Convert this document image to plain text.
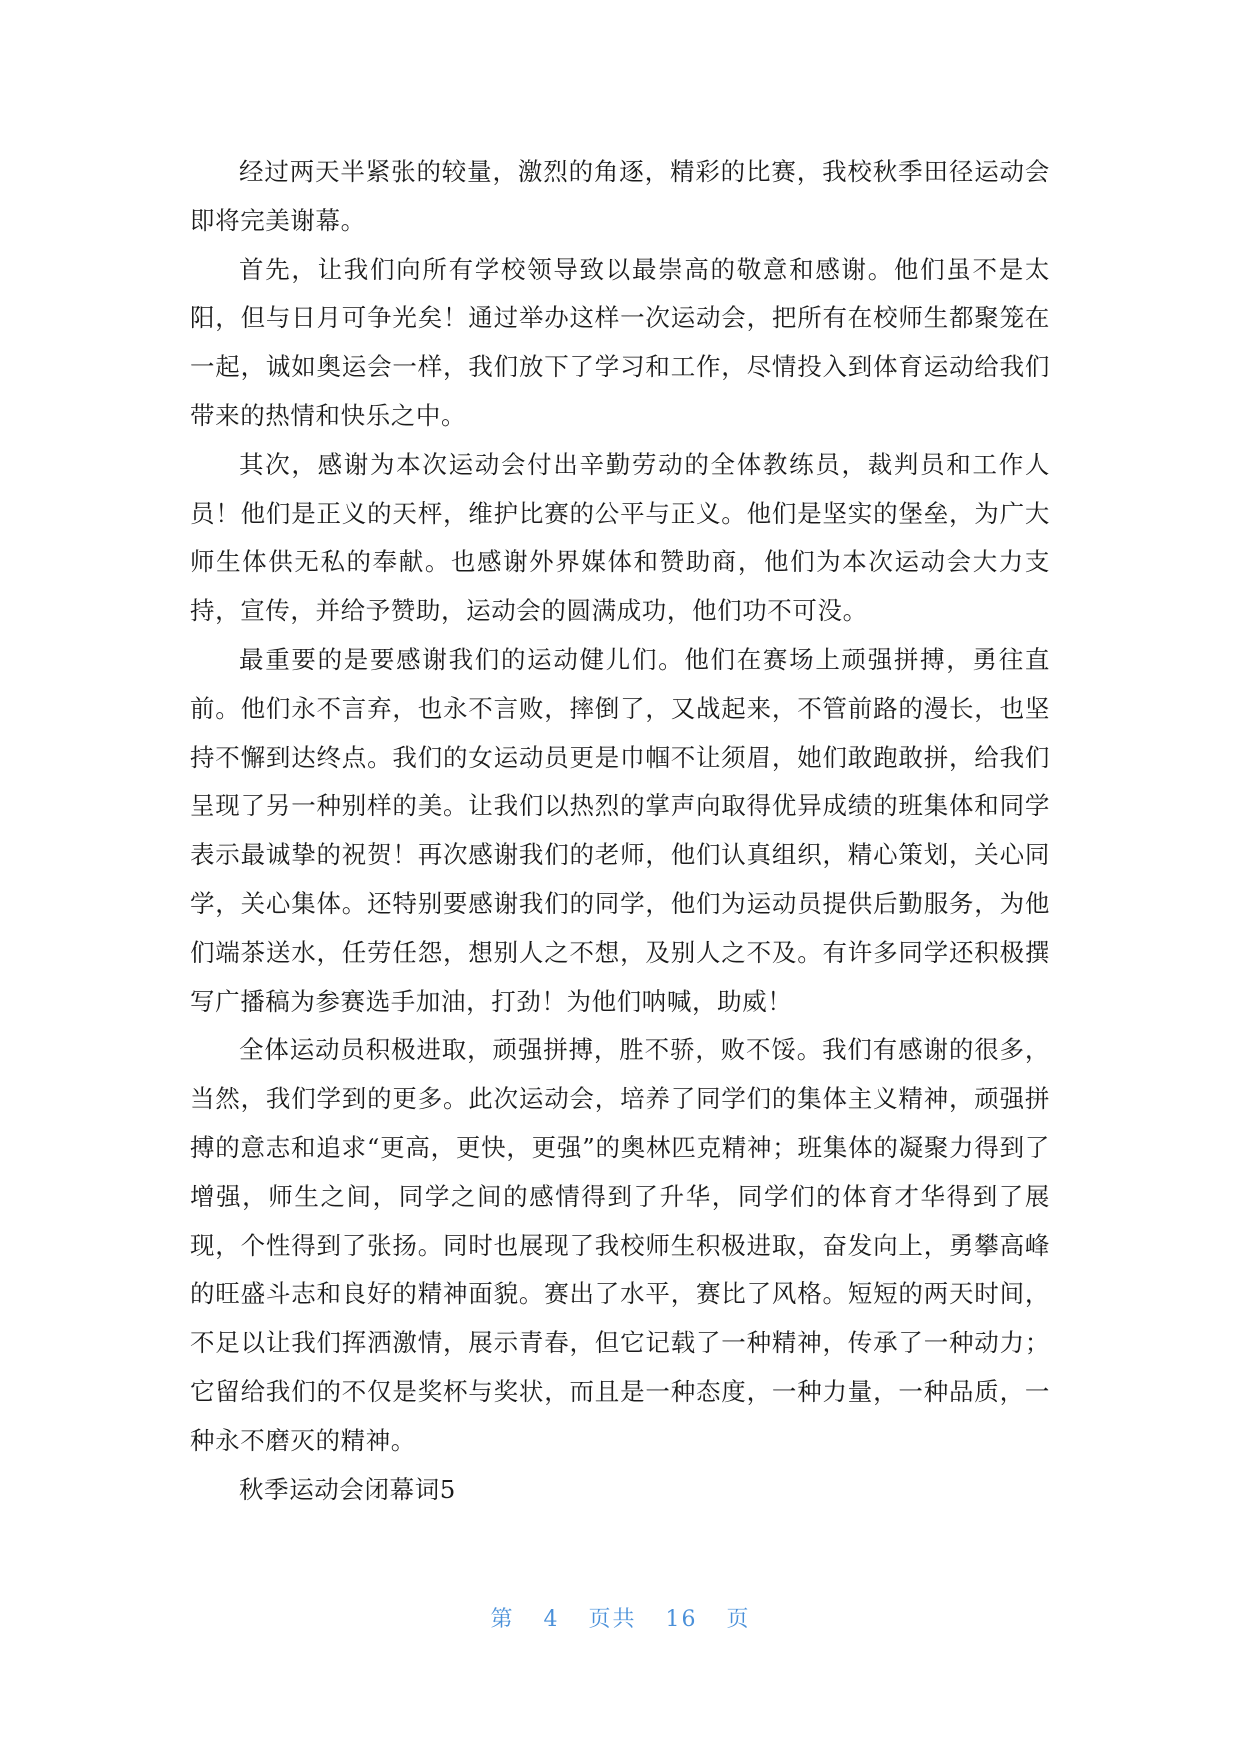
经过两天半紧张的较量，激烈的角逐，精彩的比赛，我校秋季田径运动会即将完美谢幕。

首先，让我们向所有学校领导致以最崇高的敬意和感谢。他们虽不是太阳，但与日月可争光矣！通过举办这样一次运动会，把所有在校师生都聚笼在一起，诚如奥运会一样，我们放下了学习和工作，尽情投入到体育运动给我们带来的热情和快乐之中。

其次，感谢为本次运动会付出辛勤劳动的全体教练员，裁判员和工作人员！他们是正义的天枰，维护比赛的公平与正义。他们是坚实的堡垒，为广大师生体供无私的奉献。也感谢外界媒体和赞助商，他们为本次运动会大力支持，宣传，并给予赞助，运动会的圆满成功，他们功不可没。

最重要的是要感谢我们的运动健儿们。他们在赛场上顽强拼搏，勇往直前。他们永不言弃，也永不言败，摔倒了，又战起来，不管前路的漫长，也坚持不懈到达终点。我们的女运动员更是巾帼不让须眉，她们敢跑敢拼，给我们呈现了另一种别样的美。让我们以热烈的掌声向取得优异成绩的班集体和同学表示最诚挚的祝贺！再次感谢我们的老师，他们认真组织，精心策划，关心同学，关心集体。还特别要感谢我们的同学，他们为运动员提供后勤服务，为他们端茶送水，任劳任怨，想别人之不想，及别人之不及。有许多同学还积极撰写广播稿为参赛选手加油，打劲！为他们呐喊，助威！

全体运动员积极进取，顽强拼搏，胜不骄，败不馁。我们有感谢的很多，当然，我们学到的更多。此次运动会，培养了同学们的集体主义精神，顽强拼搏的意志和追求“更高，更快，更强”的奥林匹克精神；班集体的凝聚力得到了增强，师生之间，同学之间的感情得到了升华，同学们的体育才华得到了展现，个性得到了张扬。同时也展现了我校师生积极进取，奋发向上，勇攀高峰的旺盛斗志和良好的精神面貌。赛出了水平，赛比了风格。短短的两天时间，不足以让我们挥洒激情，展示青春，但它记载了一种精神，传承了一种动力；它留给我们的不仅是奖杯与奖状，而且是一种态度，一种力量，一种品质，一种永不磨灭的精神。

秋季运动会闭幕词5

第 4 页共 16 页
